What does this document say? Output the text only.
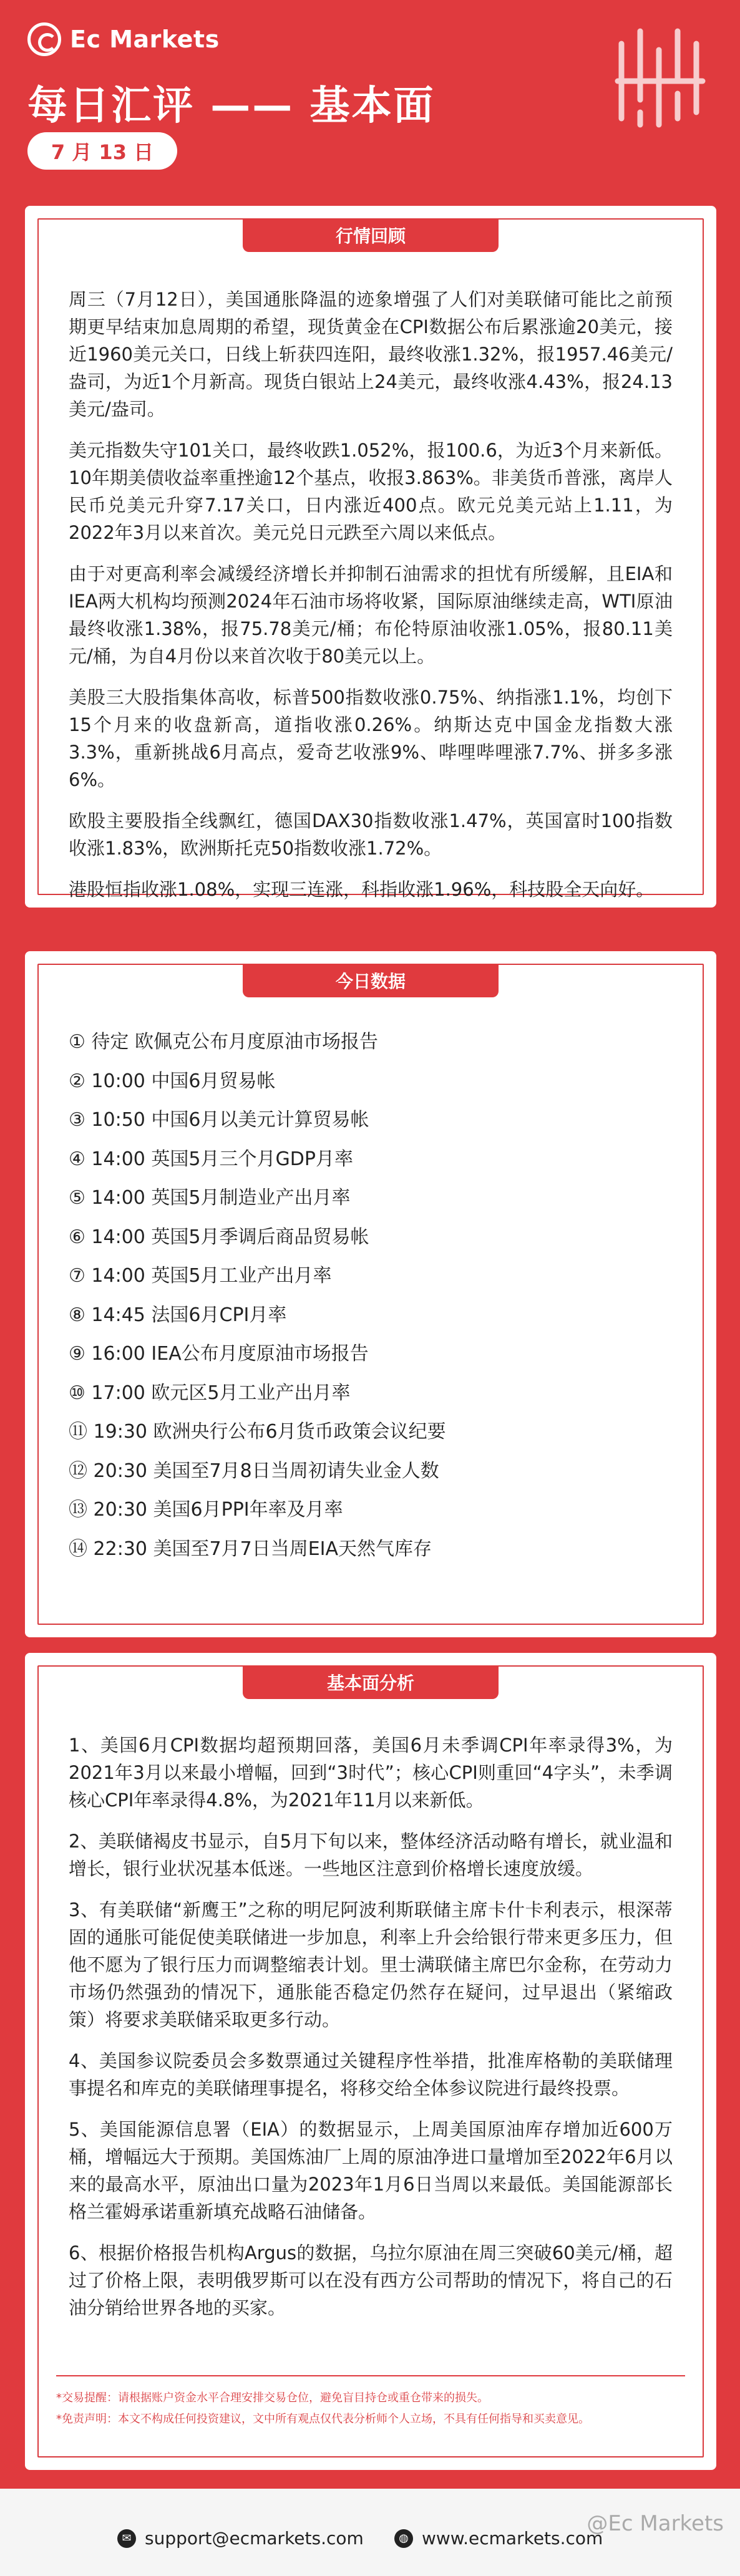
Ec Markets
每日汇评 —— 基本面
7 月 13 日
行情回顾

周三（7月12日），美国通胀降温的迹象增强了人们对美联储可能比之前预期更早结束加息周期的希望，现货黄金在CPI数据公布后累涨逾20美元，接近1960美元关口，日线上斩获四连阳，最终收涨1.32%，报1957.46美元/盎司，为近1个月新高。现货白银站上24美元，最终收涨4.43%，报24.13美元/盎司。

美元指数失守101关口，最终收跌1.052%，报100.6，为近3个月来新低。10年期美债收益率重挫逾12个基点，收报3.863%。非美货币普涨，离岸人民币兑美元升穿7.17关口，日内涨近400点。欧元兑美元站上1.11，为2022年3月以来首次。美元兑日元跌至六周以来低点。

由于对更高利率会减缓经济增长并抑制石油需求的担忧有所缓解，且EIA和IEA两大机构均预测2024年石油市场将收紧，国际原油继续走高，WTI原油最终收涨1.38%，报75.78美元/桶；布伦特原油收涨1.05%，报80.11美元/桶，为自4月份以来首次收于80美元以上。

美股三大股指集体高收，标普500指数收涨0.75%、纳指涨1.1%，均创下15个月来的收盘新高，道指收涨0.26%。纳斯达克中国金龙指数大涨3.3%，重新挑战6月高点，爱奇艺收涨9%、哔哩哔哩涨7.7%、拼多多涨6%。

欧股主要股指全线飘红，德国DAX30指数收涨1.47%，英国富时100指数收涨1.83%，欧洲斯托克50指数收涨1.72%。

港股恒指收涨1.08%，实现三连涨，科指收涨1.96%，科技股全天向好。

今日数据
① 待定 欧佩克公布月度原油市场报告
② 10:00 中国6月贸易帐
③ 10:50 中国6月以美元计算贸易帐
④ 14:00 英国5月三个月GDP月率
⑤ 14:00 英国5月制造业产出月率
⑥ 14:00 英国5月季调后商品贸易帐
⑦ 14:00 英国5月工业产出月率
⑧ 14:45 法国6月CPI月率
⑨ 16:00 IEA公布月度原油市场报告
⑩ 17:00 欧元区5月工业产出月率
⑪ 19:30 欧洲央行公布6月货币政策会议纪要
⑫ 20:30 美国至7月8日当周初请失业金人数
⑬ 20:30 美国6月PPI年率及月率
⑭ 22:30 美国至7月7日当周EIA天然气库存
基本面分析

1、美国6月CPI数据均超预期回落，美国6月未季调CPI年率录得3%，为2021年3月以来最小增幅，回到“3时代”；核心CPI则重回“4字头”，未季调核心CPI年率录得4.8%，为2021年11月以来新低。

2、美联储褐皮书显示，自5月下旬以来，整体经济活动略有增长，就业温和增长，银行业状况基本低迷。一些地区注意到价格增长速度放缓。

3、有美联储“新鹰王”之称的明尼阿波利斯联储主席卡什卡利表示，根深蒂固的通胀可能促使美联储进一步加息，利率上升会给银行带来更多压力，但他不愿为了银行压力而调整缩表计划。里士满联储主席巴尔金称，在劳动力市场仍然强劲的情况下，通胀能否稳定仍然存在疑问，过早退出（紧缩政策）将要求美联储采取更多行动。

4、美国参议院委员会多数票通过关键程序性举措，批准库格勒的美联储理事提名和库克的美联储理事提名，将移交给全体参议院进行最终投票。

5、美国能源信息署（EIA）的数据显示，上周美国原油库存增加近600万桶，增幅远大于预期。美国炼油厂上周的原油净进口量增加至2022年6月以来的最高水平，原油出口量为2023年1月6日当周以来最低。美国能源部长格兰霍姆承诺重新填充战略石油储备。

6、根据价格报告机构Argus的数据，乌拉尔原油在周三突破60美元/桶，超过了价格上限，表明俄罗斯可以在没有西方公司帮助的情况下，将自己的石油分销给世界各地的买家。

*交易提醒：请根据账户资金水平合理安排交易仓位，避免盲目持仓或重仓带来的损失。

*免责声明：本文不构成任何投资建议，文中所有观点仅代表分析师个人立场，不具有任何指导和买卖意见。

✉ support@ecmarkets.com	◍ www.ecmarkets.com
@Ec Markets
